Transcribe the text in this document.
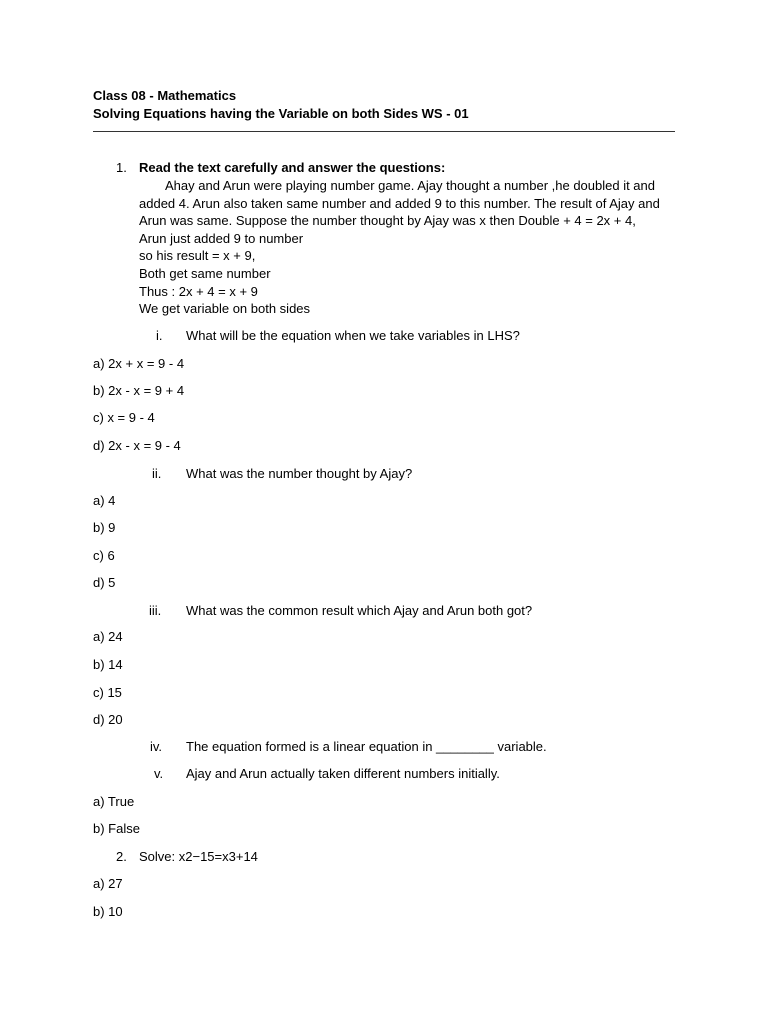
Class 08 - Mathematics
Solving Equations having the Variable on both Sides WS - 01
1. Read the text carefully and answer the questions:
Ahay and Arun were playing number game. Ajay thought a number ,he doubled it and
added 4. Arun also taken same number and added 9 to this number. The result of Ajay and
Arun was same. Suppose the number thought by Ajay was x then Double + 4 = 2x + 4,
Arun just added 9 to number
so his result = x + 9,
Both get same number
Thus : 2x + 4 = x + 9
We get variable on both sides
i. What will be the equation when we take variables in LHS?
a) 2x + x = 9 - 4
b) 2x - x = 9 + 4
c) x = 9 - 4
d) 2x - x = 9 - 4
ii. What was the number thought by Ajay?
a) 4
b) 9
c) 6
d) 5
iii. What was the common result which Ajay and Arun both got?
a) 24
b) 14
c) 15
d) 20
iv. The equation formed is a linear equation in ________ variable.
v. Ajay and Arun actually taken different numbers initially.
a) True
b) False
2. Solve: x2−15=x3+14
a) 27
b) 10
